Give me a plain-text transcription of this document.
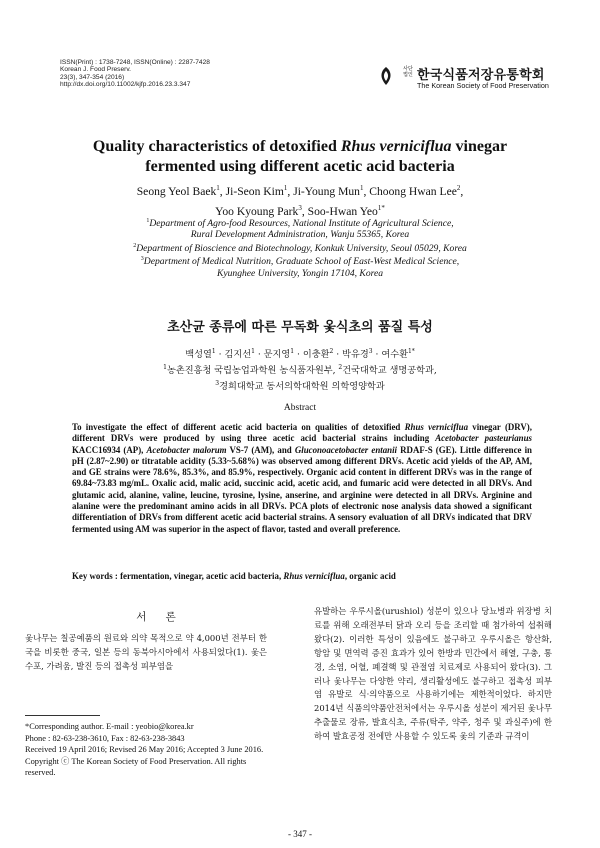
ISSN(Print) : 1738-7248, ISSN(Online) : 2287-7428
Korean J. Food Preserv.
23(3), 347-354 (2016)
http://dx.doi.org/10.11002/kjfp.2016.23.3.347
사단 법인 한국식품저장유통학회
The Korean Society of Food Preservation
Quality characteristics of detoxified Rhus verniciflua vinegar
fermented using different acetic acid bacteria
Seong Yeol Baek$^1$, Ji-Seon Kim$^1$, Ji-Young Mun$^1$, Choong Hwan Lee$^2$,
Yoo Kyoung Park$^3$, Soo-Hwan Yeo$^{1*}$
$^1$Department of Agro-food Resources, National Institute of Agricultural Science,
Rural Development Administration, Wanju 55365, Korea
$^2$Department of Bioscience and Biotechnology, Konkuk University, Seoul 05029, Korea
$^3$Department of Medical Nutrition, Graduate School of East-West Medical Science,
Kyunghee University, Yongin 17104, Korea
초산균 종류에 따른 무독화 옻식초의 품질 특성
백성열$^1$ · 김지선$^1$ · 문지영$^1$ · 이충환$^2$ · 박유경$^3$ · 여수환$^{1*}$
$^1$농촌진흥청 국립농업과학원 농식품자원부, $^2$건국대학교 생명공학과,
$^3$경희대학교 동서의학대학원 의학영양학과
Abstract
To investigate the effect of different acetic acid bacteria on qualities of detoxified Rhus verniciflua vinegar (DRV), different DRVs were produced by using three acetic acid bacterial strains including Acetobacter pasteurianus KACC16934 (AP), Acetobacter malorum VS-7 (AM), and Gluconoacetobacter entanii RDAF-S (GE). Little difference in pH (2.87~2.90) or titratable acidity (5.33~5.68%) was observed among different DRVs. Acetic acid yields of the AP, AM, and GE strains were 78.6%, 85.3%, and 85.9%, respectively. Organic acid content in different DRVs was in the range of 69.84~73.83 mg/mL. Oxalic acid, malic acid, succinic acid, acetic acid, and fumaric acid were detected in all DRVs. And glutamic acid, alanine, valine, leucine, tyrosine, lysine, anserine, and arginine were detected in all DRVs. Arginine and alanine were the predominant amino acids in all DRVs. PCA plots of electronic nose analysis data showed a significant differentiation of DRVs from different acetic acid bacterial strains. A sensory evaluation of all DRVs indicated that DRV fermented using AM was superior in the aspect of flavor, tasted and overall preference.
Key words : fermentation, vinegar, acetic acid bacteria, Rhus verniciflua, organic acid
서 론
옻나무는 칠공예품의 원료와 의약 목적으로 약 4,000년 전부터 한국을 비롯한 중국, 일본 등의 동북아시아에서 사용되었다(1). 옻은 수포, 가려움, 발진 등의 접촉성 피부염을
유발하는 우루시올(urushiol) 성분이 있으나 당뇨병과 위장병 치료를 위해 오래전부터 닭과 오리 등을 조리할 때 첨가하여 섭취해 왔다(2). 이러한 특성이 있음에도 불구하고 우루시올은 항산화, 항암 및 면역력 증진 효과가 있어 한방과 민간에서 해열, 구충, 통경, 소염, 어혈, 폐결핵 및 관절염 치료제로 사용되어 왔다(3). 그러나 옻나무는 다양한 약리, 생리활성에도 불구하고 접촉성 피부염 유발로 식·의약품으로 사용하기에는 제한적이었다. 하지만 2014년 식품의약품안전처에서는 우루시올 성분이 제거된 옻나무 추출물로 장류, 발효식초, 주류(탁주, 약주, 청주 및 과실주)에 한하여 발효공정 전에만 사용할 수 있도록 옻의 기준과 규격이
*Corresponding author. E-mail : yeobio@korea.kr
Phone : 82-63-238-3610, Fax : 82-63-238-3843
Received 19 April 2016; Revised 26 May 2016; Accepted 3 June 2016.
Copyright ⓒ The Korean Society of Food Preservation. All rights reserved.
- 347 -
